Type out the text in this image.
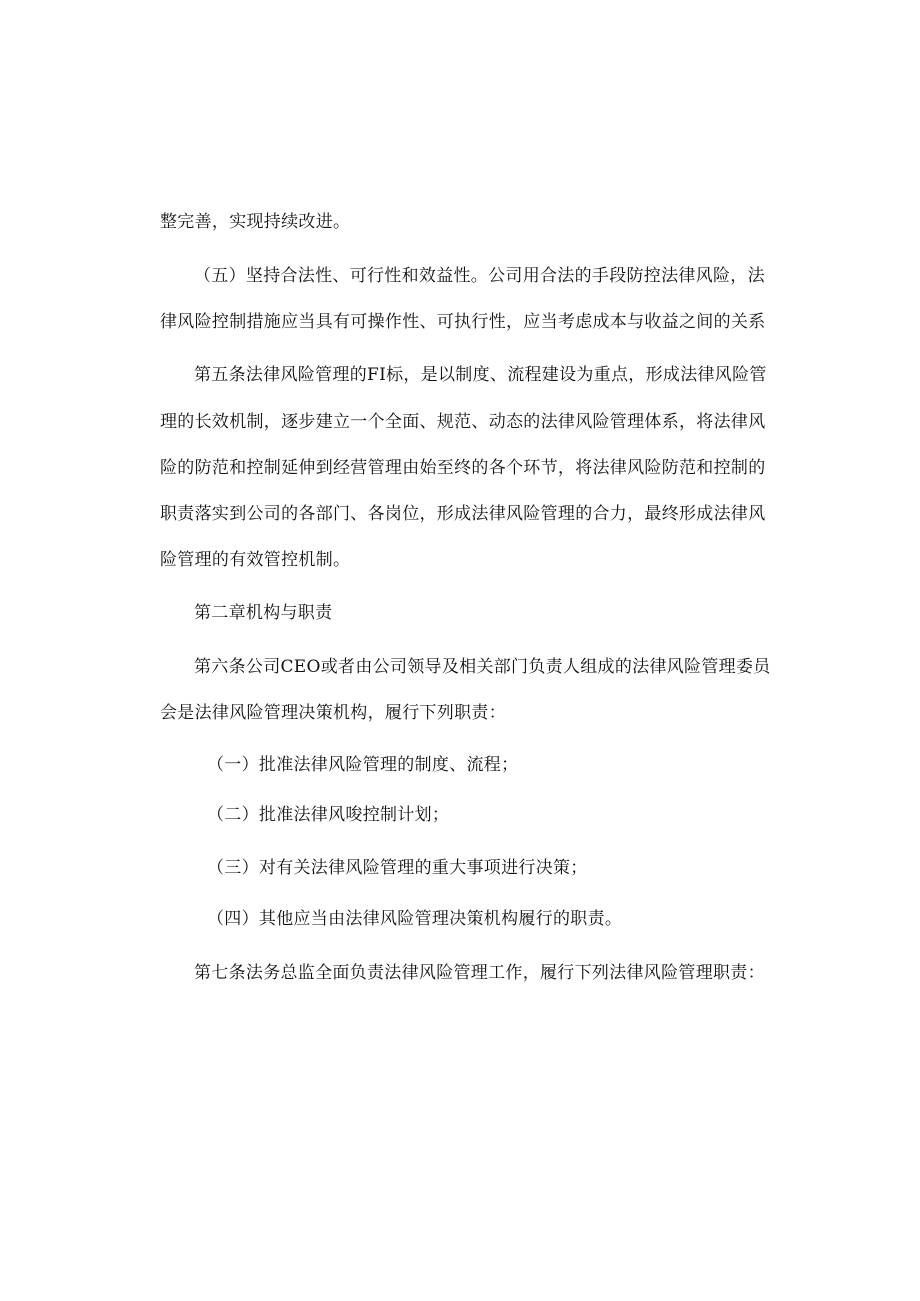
整完善，实现持续改进。
（五）坚持合法性、可行性和效益性。公司用合法的手段防控法律风险，法
律风险控制措施应当具有可操作性、可执行性，应当考虑成本与收益之间的关系
第五条法律风险管理的FI标，是以制度、流程建设为重点，形成法律风险管
理的长效机制，逐步建立一个全面、规范、动态的法律风险管理体系，将法律风
险的防范和控制延伸到经营管理由始至终的各个环节，将法律风险防范和控制的
职责落实到公司的各部门、各岗位，形成法律风险管理的合力，最终形成法律风
险管理的有效管控机制。
第二章机构与职责
第六条公司CEO或者由公司领导及相关部门负责人组成的法律风险管理委员
会是法律风险管理决策机构，履行下列职责：
（一）批准法律风险管理的制度、流程；
（二）批准法律风唆控制计划；
（三）对有关法律风险管理的重大事项进行决策；
（四）其他应当由法律风险管理决策机构履行的职责。
第七条法务总监全面负责法律风险管理工作，履行下列法律风险管理职责：
